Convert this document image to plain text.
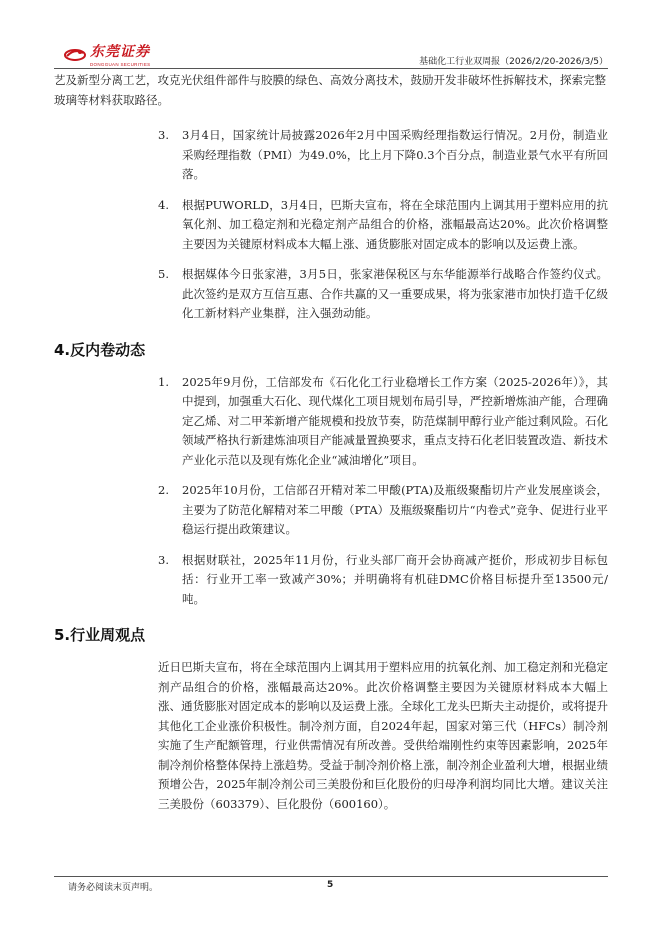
东莞证券
DONGGUAN SECURITIES	基础化工行业双周报（2026/2/20-2026/3/5）

艺及新型分离工艺，攻克光伏组件部件与胶膜的绿色、高效分离技术，鼓励开发非破坏性拆解技术，探索完整玻璃等材料获取路径。

3. 3月4日，国家统计局披露2026年2月中国采购经理指数运行情况。2月份，制造业采购经理指数（PMI）为49.0%，比上月下降0.3个百分点，制造业景气水平有所回落。
4. 根据PUWORLD，3月4日，巴斯夫宣布，将在全球范围内上调其用于塑料应用的抗氧化剂、加工稳定剂和光稳定剂产品组合的价格，涨幅最高达20%。此次价格调整主要因为关键原材料成本大幅上涨、通货膨胀对固定成本的影响以及运费上涨。
5. 根据媒体今日张家港，3月5日，张家港保税区与东华能源举行战略合作签约仪式。此次签约是双方互信互惠、合作共赢的又一重要成果，将为张家港市加快打造千亿级化工新材料产业集群，注入强劲动能。
4.反内卷动态
1. 2025年9月份，工信部发布《石化化工行业稳增长工作方案（2025-2026年）》，其中提到，加强重大石化、现代煤化工项目规划布局引导，严控新增炼油产能，合理确定乙烯、对二甲苯新增产能规模和投放节奏，防范煤制甲醇行业产能过剩风险。石化领域严格执行新建炼油项目产能减量置换要求，重点支持石化老旧装置改造、新技术产业化示范以及现有炼化企业“减油增化”项目。
2. 2025年10月份，工信部召开精对苯二甲酸(PTA)及瓶级聚酯切片产业发展座谈会，主要为了防范化解精对苯二甲酸（PTA）及瓶级聚酯切片“内卷式”竞争、促进行业平稳运行提出政策建议。
3. 根据财联社，2025年11月份，行业头部厂商开会协商减产挺价，形成初步目标包括：行业开工率一致减产30%；并明确将有机硅DMC价格目标提升至13500元/吨。
5.行业周观点

近日巴斯夫宣布，将在全球范围内上调其用于塑料应用的抗氧化剂、加工稳定剂和光稳定剂产品组合的价格，涨幅最高达20%。此次价格调整主要因为关键原材料成本大幅上涨、通货膨胀对固定成本的影响以及运费上涨。全球化工龙头巴斯夫主动提价，或将提升其他化工企业涨价积极性。制冷剂方面，自2024年起，国家对第三代（HFCs）制冷剂实施了生产配额管理，行业供需情况有所改善。受供给端刚性约束等因素影响，2025年制冷剂价格整体保持上涨趋势。受益于制冷剂价格上涨，制冷剂企业盈利大增，根据业绩预增公告，2025年制冷剂公司三美股份和巨化股份的归母净利润均同比大增。建议关注三美股份（603379）、巨化股份（600160）。

请务必阅读末页声明。	5
